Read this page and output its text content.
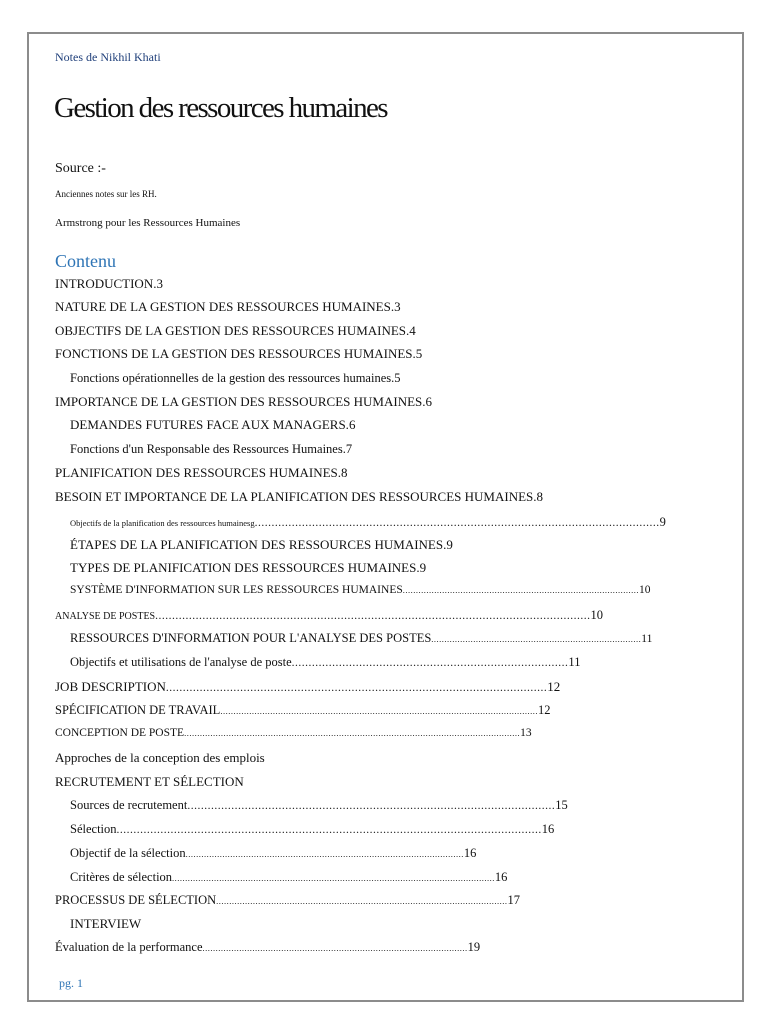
Notes de Nikhil Khati
Gestion des ressources humaines
Source :-
Anciennes notes sur les RH.
Armstrong pour les Ressources Humaines
Contenu
INTRODUCTION.3
NATURE DE LA GESTION DES RESSOURCES HUMAINES.3
OBJECTIFS DE LA GESTION DES RESSOURCES HUMAINES.4
FONCTIONS DE LA GESTION DES RESSOURCES HUMAINES.5
Fonctions opérationnelles de la gestion des ressources humaines.5
IMPORTANCE DE LA GESTION DES RESSOURCES HUMAINES.6
DEMANDES FUTURES FACE AUX MANAGERS.6
Fonctions d'un Responsable des Ressources Humaines.7
PLANIFICATION DES RESSOURCES HUMAINES.8
BESOIN ET IMPORTANCE DE LA PLANIFICATION DES RESSOURCES HUMAINES.8
Objectifs de la planification des ressources humainesg........................................................................................................................9
ÉTAPES DE LA PLANIFICATION DES RESSOURCES HUMAINES.9
TYPES DE PLANIFICATION DES RESSOURCES HUMAINES.9
SYSTÈME D'INFORMATION SUR LES RESSOURCES HUMAINES..........................................................................................10
ANALYSE DE POSTES.................................................................................................................................10
RESSOURCES D'INFORMATION POUR L'ANALYSE DES POSTES................................................................................11
Objectifs et utilisations de l'analyse de poste..................................................................................11
JOB DESCRIPTION.................................................................................................................12
SPÉCIFICATION DE TRAVAIL.........................................................................................................................12
CONCEPTION DE POSTE................................................................................................................................13
Approches de la conception des emplois
RECRUTEMENT ET SÉLECTION
Sources de recrutement.............................................................................................................15
Sélection..............................................................................................................................16
Objectif de la sélection..........................................................................................................16
Critères de sélection...........................................................................................................................16
PROCESSUS DE SÉLECTION...............................................................................................................17
INTERVIEW
Évaluation de la performance.....................................................................................................19
pg. 1
